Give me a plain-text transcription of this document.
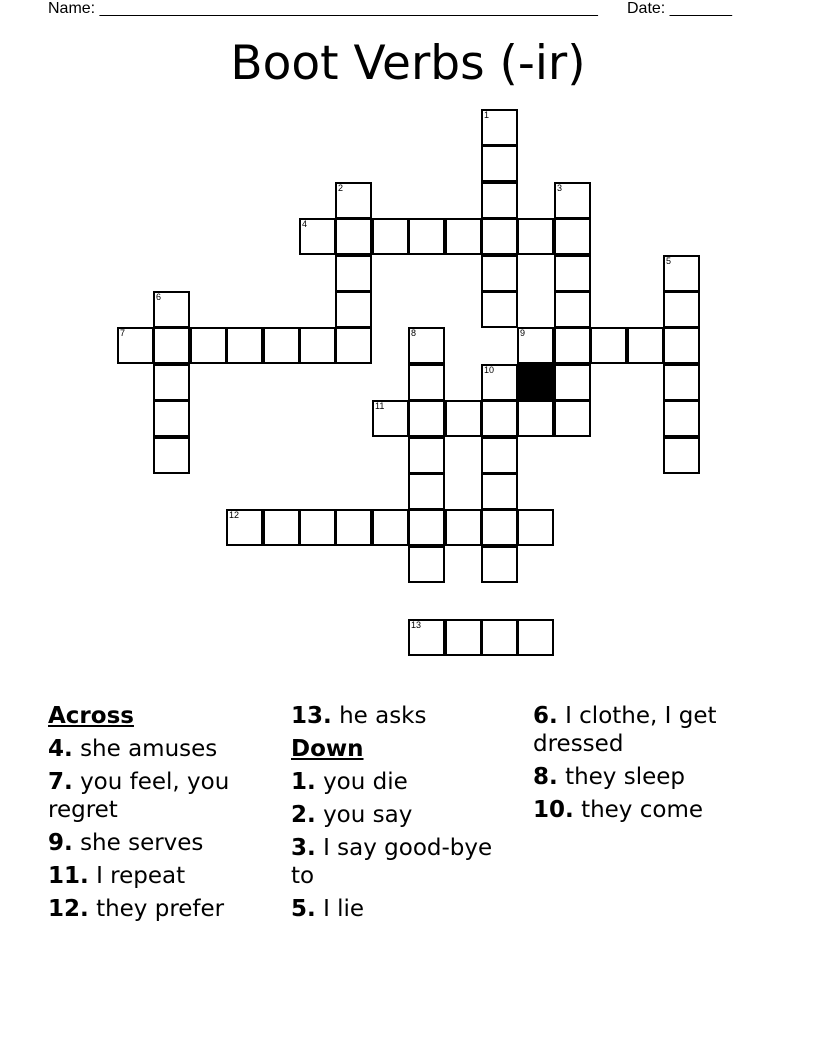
Name: ________________________________________________________ Date: _______
Boot Verbs (-ir)
1
2	3
4
5
6
7	8	9
10
11
12
13
Across
4. she amuses
7. you feel, you regret
9. she serves
11. I repeat
12. they prefer
13. he asks
Down
1. you die
2. you say
3. I say good-bye to
5. I lie
6. I clothe, I get dressed
8. they sleep
10. they come
